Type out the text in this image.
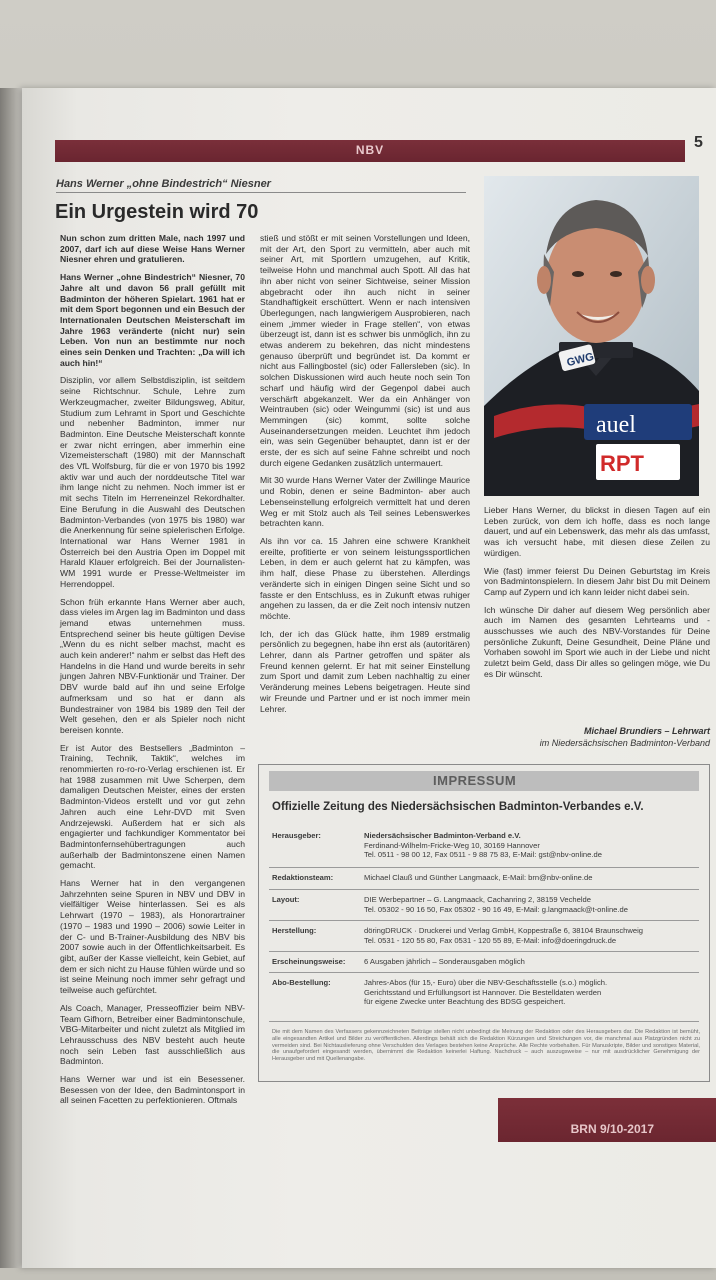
NBV	5
Hans Werner „ohne Bindestrich“ Niesner
Ein Urgestein wird 70

Nun schon zum dritten Male, nach 1997 und 2007, darf ich auf diese Weise Hans Werner Niesner ehren und gratulieren.

Hans Werner „ohne Bindestrich“ Niesner, 70 Jahre alt und davon 56 prall gefüllt mit Badminton der höheren Spielart. 1961 hat er mit dem Sport begonnen und ein Besuch der Internationalen Deutschen Meisterschaft im Jahre 1963 veränderte (nicht nur) sein Leben. Von nun an bestimmte nur noch eines sein Denken und Trachten: „Da will ich auch hin!“

Disziplin, vor allem Selbstdisziplin, ist seitdem seine Richtschnur. Schule, Lehre zum Werkzeugmacher, zweiter Bildungsweg, Abitur, Studium zum Lehramt in Sport und Geschichte und nebenher Badminton, immer nur Badminton. Eine Deutsche Meisterschaft konnte er zwar nicht erringen, aber immerhin eine Vizemeisterschaft (1980) mit der Mannschaft des VfL Wolfsburg, für die er von 1970 bis 1992 aktiv war und auch der norddeutsche Titel war ihm lange nicht zu nehmen. Noch immer ist er mit sechs Titeln im Herreneinzel Rekordhalter. Eine Berufung in die Auswahl des Deutschen Badminton-Verbandes (von 1975 bis 1980) war die Anerkennung für seine spielerischen Erfolge. International war Hans Werner 1981 in Österreich bei den Austria Open im Doppel mit Harald Klauer erfolgreich. Bei der Journalisten-WM 1991 wurde er Presse-Weltmeister im Herrendoppel.

Schon früh erkannte Hans Werner aber auch, dass vieles im Argen lag im Badminton und dass jemand etwas unternehmen muss. Entsprechend seiner bis heute gültigen Devise „Wenn du es nicht selber machst, macht es auch kein anderer!“ nahm er selbst das Heft des Handelns in die Hand und wurde bereits in sehr jungen Jahren NBV-Funktionär und Trainer. Der DBV wurde bald auf ihn und seine Erfolge aufmerksam und so hat er dann als Bundestrainer von 1984 bis 1989 den Teil der Welt gesehen, den er als Spieler noch nicht bereisen konnte.

Er ist Autor des Bestsellers „Badminton – Training, Technik, Taktik“, welches im renommierten ro-ro-ro-Verlag erschienen ist. Er hat 1988 zusammen mit Uwe Scherpen, dem damaligen Deutschen Meister, eines der ersten Badminton-Videos erstellt und vor gut zehn Jahren auch eine Lehr-DVD mit Sven Andrzejewski. Außerdem hat er sich als engagierter und fachkundiger Kommentator bei Badmintonfernsehübertragungen auch außerhalb der Badmintonszene einen Namen gemacht.

Hans Werner hat in den vergangenen Jahrzehnten seine Spuren in NBV und DBV in vielfältiger Weise hinterlassen. Sei es als Lehrwart (1970 – 1983), als Honorartrainer (1970 – 1983 und 1990 – 2006) sowie Leiter in der C- und B-Trainer-Ausbildung des NBV bis 2007 sowie auch in der Öffentlichkeitsarbeit. Es gibt, außer der Kasse vielleicht, kein Gebiet, auf dem er sich nicht zu Hause fühlen würde und so ist seine Meinung noch immer sehr gefragt und teilweise auch gefürchtet.

Als Coach, Manager, Presseoffizier beim NBV-Team Gifhorn, Betreiber einer Badmintonschule, VBG-Mitarbeiter und nicht zuletzt als Mitglied im Lehrausschuss des NBV besteht auch heute noch sein Leben fast ausschließlich aus Badminton.

Hans Werner war und ist ein Besessener. Besessen von der Idee, den Badmintonsport in all seinen Facetten zu perfektionieren. Oftmals

stieß und stößt er mit seinen Vorstellungen und Ideen, mit der Art, den Sport zu vermitteln, aber auch mit seiner Art, mit Sportlern umzugehen, auf Kritik, teilweise Hohn und manchmal auch Spott. All das hat ihn aber nicht von seiner Sichtweise, seiner Mission abgebracht oder ihn auch nicht in seiner Standhaftigkeit erschüttert. Wenn er nach intensiven Überlegungen, nach langwierigem Ausprobieren, nach einem „immer wieder in Frage stellen“, von etwas überzeugt ist, dann ist es schwer bis unmöglich, ihn zu etwas anderem zu bekehren, das nicht mindestens genauso überprüft und begründet ist. Da kommt er nicht aus Fallingbostel (sic) oder Fallersleben (sic). In solchen Diskussionen wird auch heute noch sein Ton scharf und häufig wird der Gegenpol dabei auch verschärft abgekanzelt. Wer da ein Anhänger von Weintrauben (sic) oder Weingummi (sic) ist und aus Memmingen (sic) kommt, sollte solche Auseinandersetzungen meiden. Leuchtet ihm jedoch ein, was sein Gegenüber behauptet, dann ist er der erste, der es sich auf seine Fahne schreibt und noch durch eigene Gedanken zusätzlich untermauert.

Mit 30 wurde Hans Werner Vater der Zwillinge Maurice und Robin, denen er seine Badminton- aber auch Lebenseinstellung erfolgreich vermittelt hat und deren Weg er mit Stolz auch als Teil seines Lebenswerkes betrachten kann.

Als ihn vor ca. 15 Jahren eine schwere Krankheit ereilte, profitierte er von seinem leistungssportlichen Leben, in dem er auch gelernt hat zu kämpfen, was ihm half, diese Phase zu überstehen. Allerdings veränderte sich in einigen Dingen seine Sicht und so fasste er den Entschluss, es in Zukunft etwas ruhiger angehen zu lassen, da er die Zeit noch intensiv nutzen möchte.

Ich, der ich das Glück hatte, ihm 1989 erstmalig persönlich zu begegnen, habe ihn erst als (autoritären) Lehrer, dann als Partner getroffen und später als Freund kennen gelernt. Er hat mit seiner Einstellung zum Sport und damit zum Leben nachhaltig zu einer Veränderung meines Lebens beigetragen. Heute sind wir Freunde und Partner und er ist noch immer mein Lehrer.

GWG
auel
RPT

Lieber Hans Werner, du blickst in diesen Tagen auf ein Leben zurück, von dem ich hoffe, dass es noch lange dauert, und auf ein Lebenswerk, das mehr als das umfasst, was ich versucht habe, mit diesen diese Zeilen zu würdigen.

Wie (fast) immer feierst Du Deinen Geburtstag im Kreis von Badmintonspielern. In diesem Jahr bist Du mit Deinem Camp auf Zypern und ich kann leider nicht dabei sein.

Ich wünsche Dir daher auf diesem Weg persönlich aber auch im Namen des gesamten Lehrteams und -ausschusses wie auch des NBV-Vorstandes für Deine persönliche Zukunft, Deine Gesundheit, Deine Pläne und Vorhaben sowohl im Sport wie auch in der Liebe und nicht zuletzt beim Geld, dass Dir alles so gelingen möge, wie Du es Dir wünscht.

Michael Brundiers – Lehrwart
im Niedersächsischen Badminton-Verband
IMPRESSUM
Offizielle Zeitung des Niedersächsischen Badminton-Verbandes e.V.
Herausgeber:	Niedersächsischer Badminton-Verband e.V.
Ferdinand-Wilhelm-Fricke-Weg 10, 30169 Hannover
Tel. 0511 - 98 00 12, Fax 0511 - 9 88 75 83, E-Mail: gst@nbv-online.de
Redaktionsteam:	Michael Clauß und Günther Langmaack, E-Mail: brn@nbv-online.de
Layout:	DIE Werbepartner – G. Langmaack, Cachanring 2, 38159 Vechelde
Tel. 05302 - 90 16 50, Fax 05302 - 90 16 49, E-Mail: g.langmaack@t-online.de
Herstellung:	döringDRUCK · Druckerei und Verlag GmbH, Koppestraße 6, 38104 Braunschweig
Tel. 0531 - 120 55 80, Fax 0531 - 120 55 89, E-Mail: info@doeringdruck.de
Erscheinungsweise: 6 Ausgaben jährlich – Sonderausgaben möglich
Abo-Bestellung:	Jahres-Abos (für 15,- Euro) über die NBV-Geschäftsstelle (s.o.) möglich.
Gerichtsstand und Erfüllungsort ist Hannover. Die Bestelldaten werden
für eigene Zwecke unter Beachtung des BDSG gespeichert.
Die mit dem Namen des Verfassers gekennzeichneten Beiträge stellen nicht unbedingt die Meinung der Redaktion oder des Herausgebers dar. Die Redaktion ist bemüht, alle eingesandten Artikel und Bilder zu veröffentlichen. Allerdings behält sich die Redaktion Kürzungen und Streichungen vor, die manchmal aus Platzgründen nicht zu vermeiden sind. Bei Nichtauslieferung ohne Verschulden des Verlages bestehen keine Ansprüche. Alle Rechte vorbehalten. Für Manuskripte, Bilder und sonstiges Material, die unaufgefordert eingesandt werden, übernimmt die Redaktion keinerlei Haftung. Nachdruck – auch auszugsweise – nur mit ausdrücklicher Genehmigung der Herausgeber und mit Quellenangabe.
BRN 9/10-2017
